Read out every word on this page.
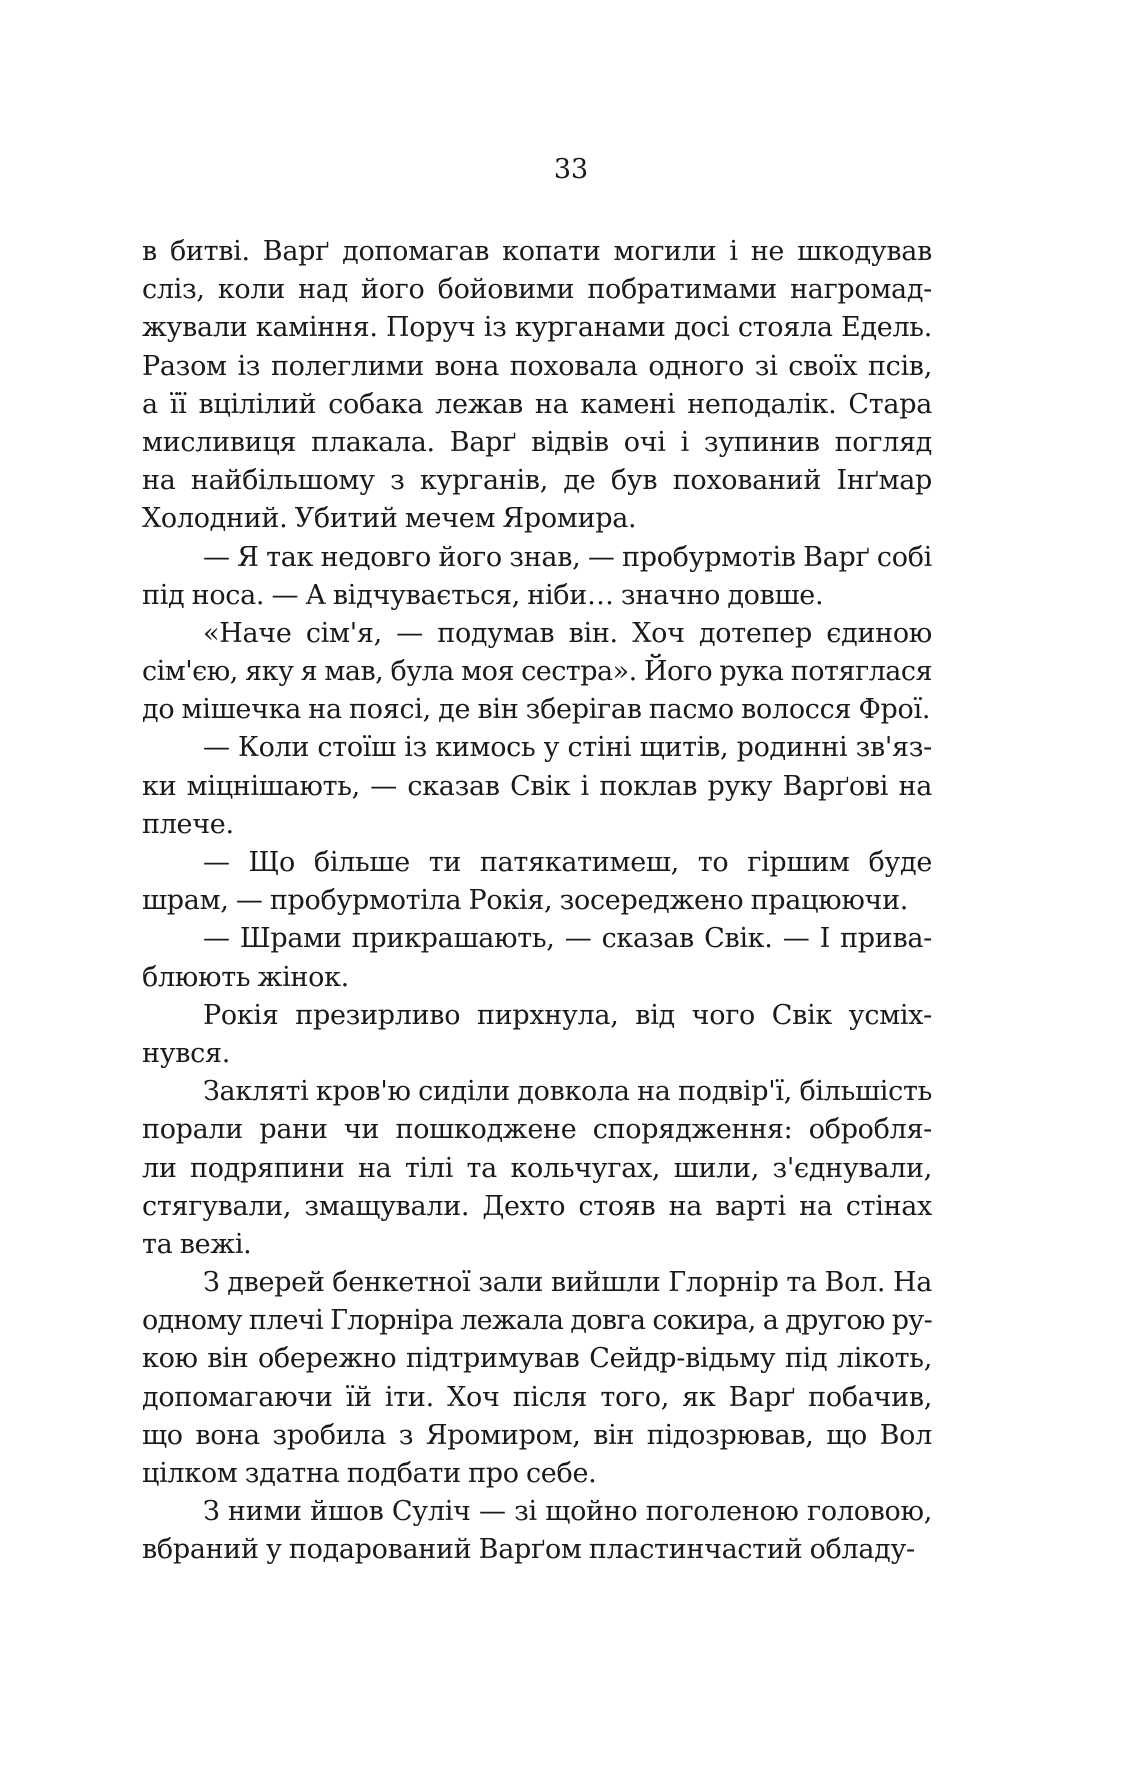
33
в битві. Варґ допомагав копати могили і не шкодував
сліз, коли над його бойовими побратимами нагромад-
жували каміння. Поруч із курганами досі стояла Едель.
Разом із полеглими вона поховала одного зі своїх псів,
а її вцілілий собака лежав на камені неподалік. Стара
мисливиця плакала. Варґ відвів очі і зупинив погляд
на найбільшому з курганів, де був похований Інґмар
Холодний. Убитий мечем Яромира.
— Я так недовго його знав, — пробурмотів Варґ собі
під носа. — А відчувається, ніби… значно довше.
«Наче сім'я, — подумав він. Хоч дотепер єдиною
сім'єю, яку я мав, була моя сестра». Його рука потяглася
до мішечка на поясі, де він зберігав пасмо волосся Фрої.
— Коли стоїш із кимось у стіні щитів, родинні зв'яз-
ки міцнішають, — сказав Свік і поклав руку Варґові на
плече.
— Що більше ти патякатимеш, то гіршим буде
шрам, — пробурмотіла Рокія, зосереджено працюючи.
— Шрами прикрашають, — сказав Свік. — І прива-
блюють жінок.
Рокія презирливо пирхнула, від чого Свік усміх-
нувся.
Закляті кров'ю сиділи довкола на подвір'ї, більшість
порали рани чи пошкоджене спорядження: обробля-
ли подряпини на тілі та кольчугах, шили, з'єднували,
стягували, змащували. Дехто стояв на варті на стінах
та вежі.
З дверей бенкетної зали вийшли Глорнір та Вол. На
одному плечі Глорніра лежала довга сокира, а другою ру-
кою він обережно підтримував Сейдр-відьму під лікоть,
допомагаючи їй іти. Хоч після того, як Варґ побачив,
що вона зробила з Яромиром, він підозрював, що Вол
цілком здатна подбати про себе.
З ними йшов Суліч — зі щойно поголеною головою,
вбраний у подарований Варґом пластинчастий обладу-
